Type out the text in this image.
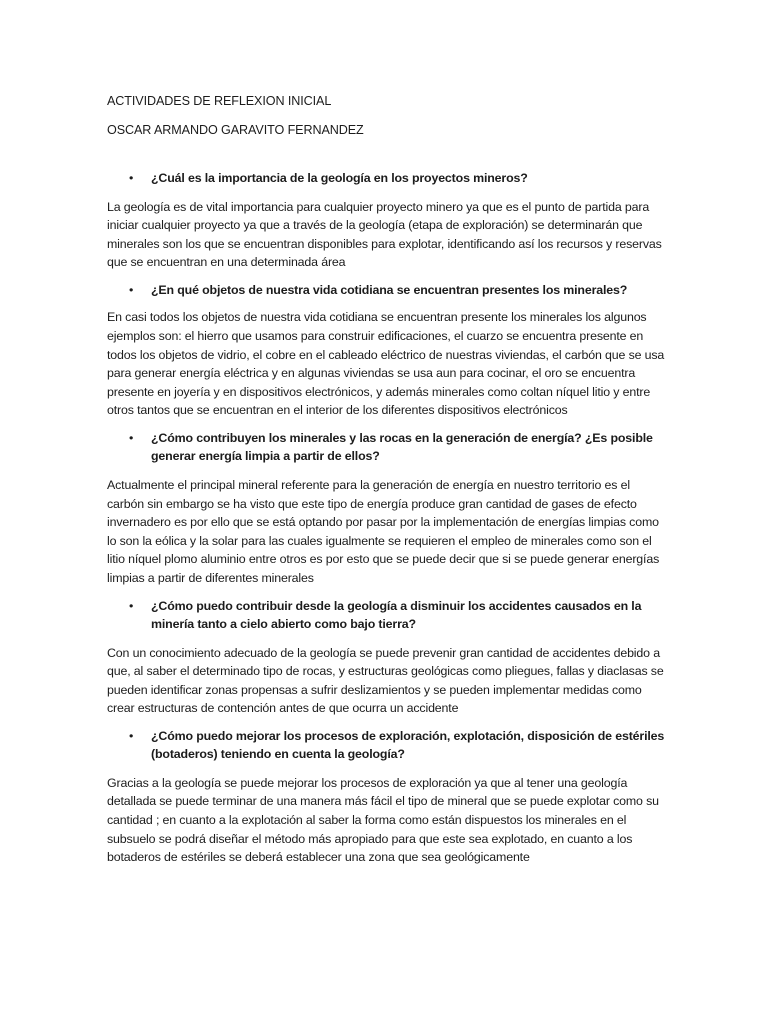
ACTIVIDADES DE REFLEXION INICIAL

OSCAR ARMANDO GARAVITO FERNANDEZ

• ¿Cuál es la importancia de la geología en los proyectos mineros?

La geología es de vital importancia para cualquier proyecto minero ya que es el punto de partida para iniciar cualquier proyecto ya que a través de la geología (etapa de exploración) se determinarán que minerales son los que se encuentran disponibles para explotar, identificando así los recursos y reservas que se encuentran en una determinada área

• ¿En qué objetos de nuestra vida cotidiana se encuentran presentes los minerales?

En casi todos los objetos de nuestra vida cotidiana se encuentran presente los minerales los algunos ejemplos son: el hierro que usamos para construir edificaciones, el cuarzo se encuentra presente en todos los objetos de vidrio, el cobre en el cableado eléctrico de nuestras viviendas, el carbón que se usa para generar energía eléctrica y en algunas viviendas se usa aun para cocinar, el oro se encuentra presente en joyería y en dispositivos electrónicos, y además minerales como coltan níquel litio y entre otros tantos que se encuentran en el interior de los diferentes dispositivos electrónicos

• ¿Cómo contribuyen los minerales y las rocas en la generación de energía? ¿Es posible generar energía limpia a partir de ellos?

Actualmente el principal mineral referente para la generación de energía en nuestro territorio es el carbón sin embargo se ha visto que este tipo de energía produce gran cantidad de gases de efecto invernadero es por ello que se está optando por pasar por la implementación de energías limpias como lo son la eólica y la solar para las cuales igualmente se requieren el empleo de minerales como son el litio níquel plomo aluminio entre otros es por esto que se puede decir que si se puede generar energías limpias a partir de diferentes minerales

• ¿Cómo puedo contribuir desde la geología a disminuir los accidentes causados en la minería tanto a cielo abierto como bajo tierra?

Con un conocimiento adecuado de la geología se puede prevenir gran cantidad de accidentes debido a que, al saber el determinado tipo de rocas, y estructuras geológicas como pliegues, fallas y diaclasas se pueden identificar zonas propensas a sufrir deslizamientos y se pueden implementar medidas como crear estructuras de contención antes de que ocurra un accidente

• ¿Cómo puedo mejorar los procesos de exploración, explotación, disposición de estériles (botaderos) teniendo en cuenta la geología?

Gracias a la geología se puede mejorar los procesos de exploración ya que al tener una geología detallada se puede terminar de una manera más fácil el tipo de mineral que se puede explotar como su cantidad ; en cuanto a la explotación al saber la forma como están dispuestos los minerales en el subsuelo se podrá diseñar el método más apropiado para que este sea explotado, en cuanto a los botaderos de estériles se deberá establecer una zona que sea geológicamente
